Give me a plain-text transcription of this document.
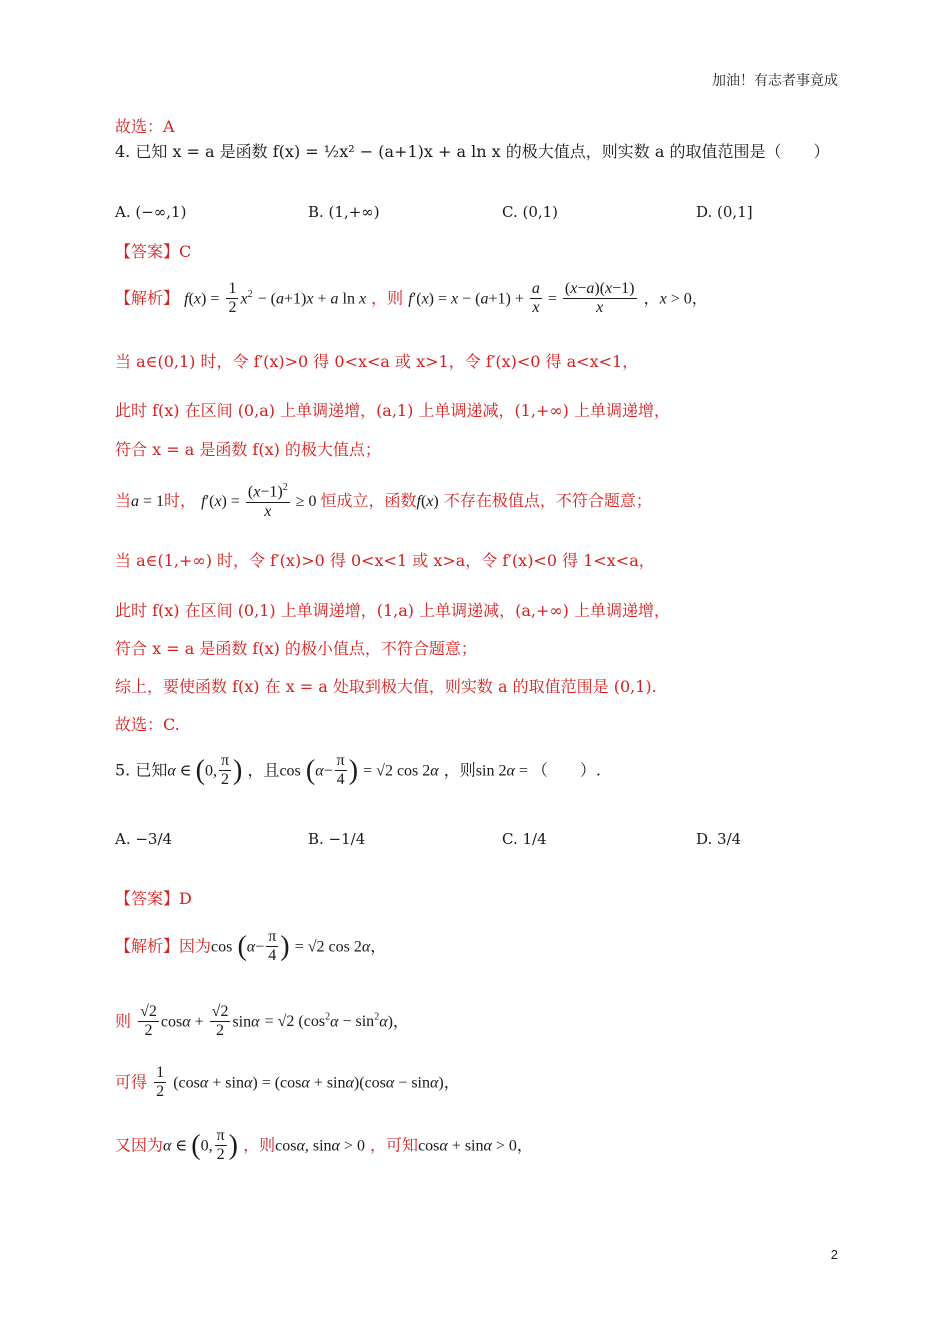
加油！有志者事竟成
故选：A
4. 已知 x = a 是函数 f(x) = ½x² − (a+1)x + a ln x 的极大值点，则实数 a 的取值范围是（　　）
A. (−∞,1)	B. (1,+∞)	C. (0,1)	D. (0,1]
【答案】C
【解析】 $f(x) = \frac{1}{2} x^2 - (a+1)x + a$ ln x ，则 $f'(x) = x - (a+1) + \frac{a}{x} = \frac{(x-a)(x-1)}{x}$ ，x > 0，
当 a∈(0,1) 时，令 f′(x)>0 得 0<x<a 或 x>1，令 f′(x)<0 得 a<x<1，
此时 f(x) 在区间 (0,a) 上单调递增，(a,1) 上单调递减，(1,+∞) 上单调递增，
符合 x = a 是函数 f(x) 的极大值点；
当a = 1时， $f'(x) = \frac{(x-1)^2}{x} \ge 0$ 恒成立，函数f(x) 不存在极值点，不符合题意；
当 a∈(1,+∞) 时，令 f′(x)>0 得 0<x<1 或 x>a，令 f′(x)<0 得 1<x<a，
此时 f(x) 在区间 (0,1) 上单调递增，(1,a) 上单调递减，(a,+∞) 上单调递增，
符合 x = a 是函数 f(x) 的极小值点，不符合题意；
综上，要使函数 f(x) 在 x = a 处取到极大值，则实数 a 的取值范围是 (0,1).
故选：C.
5. 已知α ∈ (0, $\frac{\pi}{2}$ ) ，且$\cos (\alpha- \frac{\pi}{4}$ ) = √2 cos 2α ，则sin 2α = （　　）.
A. −3/4	B. −1/4	C. 1/4	D. 3/4
【答案】D
【解析】因为$\cos (\alpha- \frac{\pi}{4}$ ) = √2 cos 2α，
则 $\frac{√2}{2}$ $\cos\alpha + \frac{√2}{2}$ sinα = √2 $(\cos^2\alpha - \sin^2\alpha)$，
可得 $\frac{1}{2} (\cos\alpha + \sin\alpha) = (\cos\alpha + \sin\alpha)(\cos\alpha - \sin\alpha)$，
又因为α ∈ (0, $\frac{\pi}{2}$ ) ，则cosα, sinα > 0 ，可知cosα + sinα > 0，
2
